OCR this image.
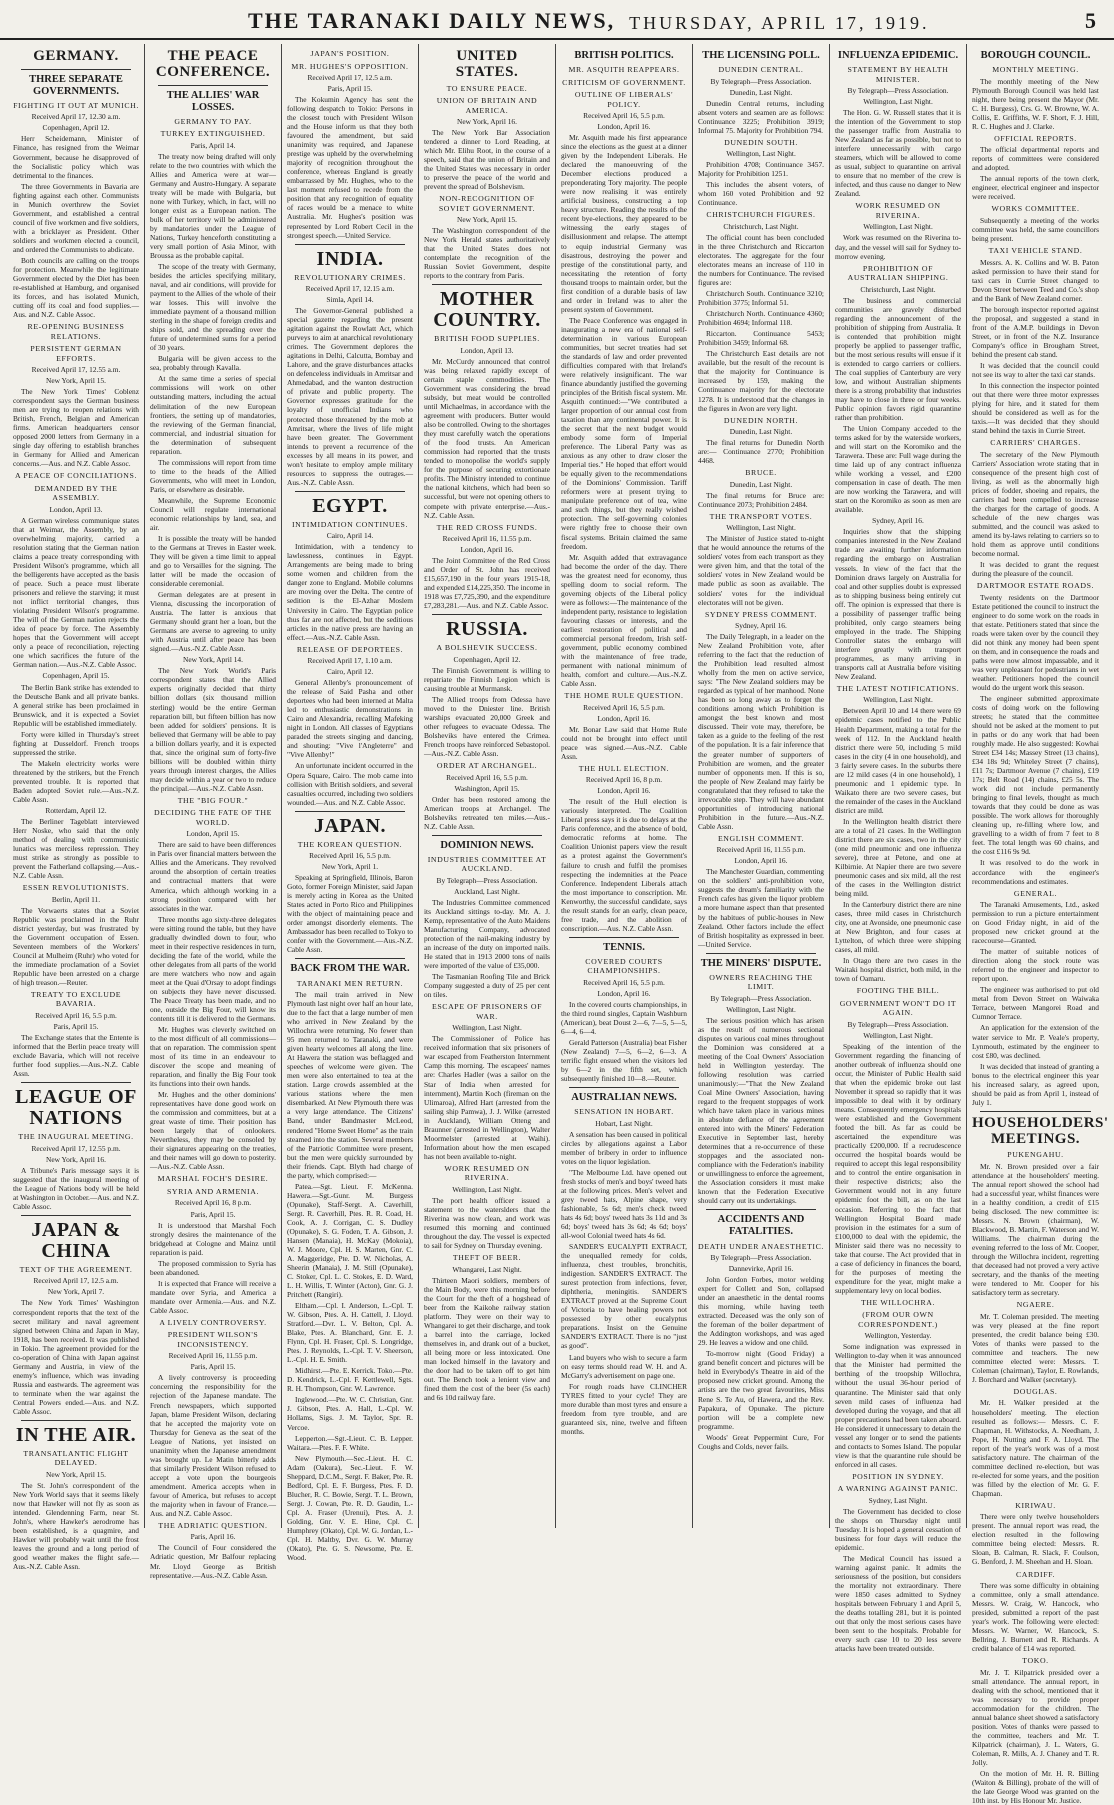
THE TARANAKI DAILY NEWS, THURSDAY, APRIL 17, 1919.	5
GERMANY.
THREE SEPARATE GOVERNMENTS.
FIGHTING IT OUT AT MUNICH.
Received April 17, 12.30 a.m.
Copenhagen, April 12.
Herr Scheidemann, Minister of Finance, has resigned from the Weimar Government, because he disapproved of the Socialistic policy which was detrimental to the finances.
The three Governments in Bavaria are fighting against each other. Communists in Munich overthrew the Soviet Government, and established a central council of five workmen and five soldiers, with a bricklayer as President. Other soldiers and workmen elected a council, and ordered the Communists to abdicate.
Both councils are calling on the troops for protection. Meanwhile the legitimate Government elected by the Diet has been re-established at Hamburg, and organised its forces, and has isolated Munich, cutting off its coal and food supplies.—Aus. and N.Z. Cable Assoc.
RE-OPENING BUSINESS RELATIONS.
PERSISTENT GERMAN EFFORTS.
Received April 17, 12.55 a.m.
New York, April 15.
The New York Times' Coblenz correspondent says the German business men are trying to reopen relations with British, French, Belgian and American firms. American headquarters censor opposed 2000 letters from Germany in a single day offering to establish branches in Germany for Allied and American concerns.—Aus. and N.Z. Cable Assoc.
A PEACE OF CONCILIATIONS.
DEMANDED BY THE ASSEMBLY.
London, April 13.
A German wireless communique states that at Weimar, the Assembly, by an overwhelming majority, carried a resolution stating that the German nation claims a peace treaty corresponding with President Wilson's programme, which all the belligerents have accepted as the basis of peace. Such a peace must liberate prisoners and relieve the starving; it must not inflict territorial changes, thus violating President Wilson's programme. The will of the German nation rejects the idea of peace by force. The Assembly hopes that the Government will accept only a peace of reconciliation, rejecting one which sacrifices the future of the German nation.—Aus.-N.Z. Cable Assoc.
Copenhagen, April 15.
The Berlin Bank strike has extended to the Deutsche Bank and all private banks. A general strike has been proclaimed in Brunswick, and it is expected a Soviet Republic will be established immediately.
Forty were killed in Thursday's street fighting at Dusseldorf. French troops suppressed the strike.
The Makeln electricity works were threatened by the strikers, but the French prevented trouble. It is reported that Baden adopted Soviet rule.—Aus.-N.Z. Cable Assn.
Rotterdam, April 12.
The Berliner Tageblatt interviewed Herr Noske, who said that the only method of dealing with communistic lunatics was merciless repression. They must strike as strongly as possible to prevent the Fatherland collapsing.—Aus.-N.Z. Cable Assn.
ESSEN REVOLUTIONISTS.
Berlin, April 11.
The Vorwaerts states that a Soviet Republic was proclaimed in the Ruhr district yesterday, but was frustrated by the Government occupation of Essen. Seventeen members of the Workers' Council at Mulheim (Ruhr) who voted for the immediate proclamation of a Soviet Republic have been arrested on a charge of high treason.—Reuter.
TREATY TO EXCLUDE BAVARIA.
Received April 16, 5.5 p.m.
Paris, April 15.
The Exchange states that the Entente is informed that the Berlin peace treaty will exclude Bavaria, which will not receive further food supplies.—Aus.-N.Z. Cable Assn.
LEAGUE OF NATIONS
THE INAUGURAL MEETING.
Received April 17, 12.55 p.m.
New York, April 16.
A Tribune's Paris message says it is suggested that the inaugural meeting of the League of Nations body will be held at Washington in October.—Aus. and N.Z. Cable Assoc.
JAPAN & CHINA
TEXT OF THE AGREEMENT.
Received April 17, 12.5 a.m.
New York, April 7.
The New York Times' Washington correspondent reports that the text of the secret military and naval agreement signed between China and Japan in May, 1918, has been received. It was published in Tokio. The agreement provided for the co-operation of China with Japan against Germany and Austria, in view of the enemy's influence, which was invading Russia and eastwards. The agreement was to terminate when the war against the Central Powers ended.—Aus. and N.Z. Cable Assoc.
IN THE AIR.
TRANSATLANTIC FLIGHT DELAYED.
New York, April 15.
The St. John's correspondent of the New York World says that it seems likely now that Hawker will not fly as soon as intended. Glendenning Farm, near St. John's, where Hawker's aerodrome has been established, is a quagmire, and Hawker will probably wait until the frost leaves the ground and a long period of good weather makes the flight safe.—Aus.-N.Z. Cable Assn.
THE PEACE CONFERENCE.
THE ALLIES' WAR LOSSES.
GERMANY TO PAY.
TURKEY EXTINGUISHED.
Paris, April 14.
The treaty now being drafted will only relate to the two countries with which the Allies and America were at war—Germany and Austro-Hungary. A separate treaty will be made with Bulgaria, but none with Turkey, which, in fact, will no longer exist as a European nation. The bulk of her territory will be administered by mandatories under the League of Nations, Turkey henceforth constituting a very small portion of Asia Minor, with Broussa as the probable capital.
The scope of the treaty with Germany, besides the articles specifying military, naval, and air conditions, will provide for payment to the Allies of the whole of their war losses. This will involve the immediate payment of a thousand million sterling in the shape of foreign credits and ships sold, and the spreading over the future of undetermined sums for a period of 30 years.
Bulgaria will be given access to the sea, probably through Kavalla.
At the same time a series of special commissions will work on other outstanding matters, including the actual delimitation of the new European frontiers, the setting up of mandatories, the reviewing of the German financial, commercial, and industrial situation for the determination of subsequent reparation.
The commissions will report from time to time to the heads of the Allied Governments, who will meet in London, Paris, or elsewhere as desirable.
Meanwhile, the Supreme Economic Council will regulate international economic relationships by land, sea, and air.
It is possible the treaty will be handed to the Germans at Treves in Easter week. They will be given a time limit to appeal and go to Versailles for the signing. The latter will be made the occasion of considerable ceremonial.
German delegates are at present in Vienna, discussing the incorporation of Austria. The latter is anxious that Germany should grant her a loan, but the Germans are averse to agreeing to unity with Austria until after peace has been signed.—Aus.-N.Z. Cable Assn.
New York, April 14.
The New York World's Paris correspondent states that the Allied experts originally decided that thirty billion dollars (six thousand million sterling) would be the entire German reparation bill, but fifteen billion has now been added for soldiers' pensions. It is believed that Germany will be able to pay a billion dollars yearly, and it is expected that, since the original sum of forty-five billions will be doubled within thirty years through interest charges, the Allies may decide within a year or two to reduce the principal.—Aus.-N.Z. Cable Assn.
THE "BIG FOUR."
DECIDING THE FATE OF THE WORLD.
London, April 15.
There are said to have been differences in Paris over financial matters between the Allies and the Americans. They revolved around the absorption of certain treaties and contractual matters that were America, which although working in a strong position compared with her associates in the war.
Three months ago sixty-three delegates were sitting round the table, but they have gradually dwindled down to four, who meet in their respective residences in turn, deciding the fate of the world, while the other delegates from all parts of the world are mere watchers who now and again meet at the Quai d'Orsay to adopt findings on subjects they have never discussed. The Peace Treaty has been made, and no one, outside the Big Four, will know its contents till it is delivered to the Germans.
Mr. Hughes was cleverly switched on to the most difficult of all commissions—that on reparation. The commission spent most of its time in an endeavour to discover the scope and meaning of reparation, and finally the Big Four took its functions into their own hands.
Mr. Hughes and the other dominions' representatives have done good work on the commission and committees, but at a great waste of time. Their position has been largely that of onlookers. Nevertheless, they may be consoled by their signatures appearing on the treaties, and their names will go down to posterity.—Aus.-N.Z. Cable Assn.
MARSHAL FOCH'S DESIRE.
SYRIA AND ARMENIA.
Received April 16, 8 p.m.
Paris, April 15.
It is understood that Marshal Foch strongly desires the maintenance of the bridgehead at Cologne and Mainz until reparation is paid.
The proposed commission to Syria has been abandoned.
It is expected that France will receive a mandate over Syria, and America a mandate over Armenia.—Aus. and N.Z. Cable Assoc.
A LIVELY CONTROVERSY.
PRESIDENT WILSON'S INCONSISTENCY.
Received April 16, 11.55 p.m.
Paris, April 15.
A lively controversy is proceeding concerning the responsibility for the rejection of the Japanese mandate. The French newspapers, which supported Japan, blame President Wilson, declaring that he accepted the majority vote on Thursday for Geneva as the seat of the League of Nations, yet insisted on unanimity when the Japanese amendment was brought up. Le Matin bitterly adds that similarly President Wilson refused to accept a vote upon the bourgeois amendment. America accepts when in favour of America, but refuses to accept the majority when in favour of France.—Aus. and N.Z. Cable Assoc.
THE ADRIATIC QUESTION.
Paris, April 16.
The Council of Four considered the Adriatic question, Mr Balfour replacing Mr. Lloyd George as British representative.—Aus.-N.Z. Cable Assn.
JAPAN'S POSITION.
MR. HUGHES'S OPPOSITION.
Received April 17, 12.5 a.m.
Paris, April 15.
The Kokumin Agency has sent the following despatch to Tokio: Persons in the closest touch with President Wilson and the House inform us that they both favoured the amendment, but said unanimity was required, and Japanese prestige was upheld by the overwhelming majority of recognition throughout the conference, whereas England is greatly embarrassed by Mr. Hughes, who to the last moment refused to recede from the position that any recognition of equality of races would be a menace to white Australia. Mr. Hughes's position was represented by Lord Robert Cecil in the strongest speech.—United Service.
INDIA.
REVOLUTIONARY CRIMES.
Received April 17, 12.15 a.m.
Simla, April 14.
The Governor-General published a special gazette regarding the present agitation against the Rowlatt Act, which purveys to aim at anarchical revolutionary crimes. The Government deplores the agitations in Delhi, Calcutta, Bombay and Lahore, and the grave disturbances attacks on defenceless individuals in Amritsar and Ahmedabad, and the wanton destruction of private and public property. The Governor expresses gratitude for the loyalty of unofficial Indians who protected those threatened by the mob at Amritsar, where the lives of life might have been greater. The Government intends to prevent a recurrence of the excesses by all means in its power, and won't hesitate to employ ample military resources to suppress the outrages.—Aus.-N.Z. Cable Assn.
EGYPT.
INTIMIDATION CONTINUES.
Cairo, April 14.
Intimidation, with a tendency to lawlessness, continues in Egypt. Arrangements are being made to bring some women and children from the danger zone to England. Mobile columns are moving over the Delta. The centre of sedition is the El-Azhar Moslem University in Cairo. The Egyptian police thus far are not affected, but the seditious articles in the native press are having an effect.—Aus.-N.Z. Cable Assn.
RELEASE OF DEPORTEES.
Received April 17, 1.10 a.m.
Cairo, April 12.
General Allenby's pronouncement of the release of Said Pasha and other deportees who had been interned at Malta led to enthusiastic demonstrations in Cairo and Alexandria, recalling Mafeking night in London. All classes of Egyptians paraded the streets singing and dancing, and shouting: "Vive l'Angleterre" and "Vive Allenby!"
An unfortunate incident occurred in the Opera Square, Cairo. The mob came into collision with British soldiers, and several casualties occurred, including two soldiers wounded.—Aus. and N.Z. Cable Assoc.
JAPAN.
THE KOREAN QUESTION.
Received April 16, 5.5 p.m.
New York, April 1.
Speaking at Springfield, Illinois, Baron Goto, former Foreign Minister, said Japan is merely acting in Korea as the United States acted in Porto Rico and Philippines with the object of maintaining peace and order amongst disorderly elements. The Ambassador has been recalled to Tokyo to confer with the Government.—Aus.-N.Z. Cable Assn.
BACK FROM THE WAR.
TARANAKI MEN RETURN.
The mail train arrived in New Plymouth last night over half an hour late, due to the fact that a large number of men who arrived in New Zealand by the Willochra were returning. No fewer than 95 men returned to Taranaki, and were given hearty welcomes all along the line. At Hawera the station was beflagged and speeches of welcome were given. The men were also entertained to tea at the station. Large crowds assembled at the various stations where the men disembarked. At New Plymouth there was a very large attendance. The Citizens' Band, under Bandmaster McLeod, rendered "Home Sweet Home" as the train steamed into the station. Several members of the Patriotic Committee were present, but the men were quickly surrounded by their friends. Capt. Blyth had charge of the party, which comprised:—
Patea.—Sgt. Lieut. F. McKenna. Hawera.—Sgt.-Gunr. M. Burgess (Opunake), Staff-Sergt. A. Caverhill, Sergt. R. Caverhill, Ptes. R. R. Coad, H. Cook, A. J. Corrigan, C. S. Dudley (Opunake), S. G. Foden, T. A. Gibson, J. Hansen (Manaia), H. McKay (Mokoia), W. J. Moore, Cpl. H. S. Marten, Gnr. C. A. Maggeridge, Pte. D. W. Nicholas, A. Sheerin (Manaia), J. M. Still (Opunake), C. Stoker, Cpl. L. C. Stokes, E. D. Ward, L. H. Willis, T. Winter (Acton), Gnr. G. J. Pritchett (Rangiri).
Eltham.—Cpl. I. Anderson, L.-Cpl. T. W. Gibson, Ptes. A. H. Cattell, J. Lloyd. Stratford.—Dvr. L. V. Belton, Cpl. A. Blake, Ptes. A. Blanchard, Gnr. E. J. Flynn, Cpl. H. Fraser, Cpl. S. Longridge, Ptes. J. Reynolds, L.-Cpl. T. V. Sheerson, L.-Cpl. H. E. Smith.
Midhirst.—Pte. E. Kerrick. Toko.—Pte. D. Kendrick, L.-Cpl. F. Kettlewell, Sgts. R. H. Thompson, Gnr. W. Lawrence.
Inglewood.—Pte. W. C. Christian, Gnr. J. Gibson, Ptes. A. Hall, L.-Cpl. W. Hollams, Sigs. J. M. Taylor, Spr. R. Vercoe.
Lepperton.—Sgt.-Lieut. C. B. Lepper. Waitara.—Ptes. F. F. White.
New Plymouth.—Sec.-Lieut. H. C. Adam (Oakura), Sec.-Lieut. F. W. Sheppard, D.C.M., Sergt. F. Baker, Pte. R. Bedford, Cpl. E. F. Burgess, Ptes. F. D. Blucher, R. C. Bowie, Sergt. T. L. Brown, Sergt. J. Cowan, Pte. R. D. Gaudin, L.-Cpl. A. Fraser (Urenui), Ptes. A. J. Golding, Gnr. V. E. Hine, Cpl. C. Humphrey (Okato), Cpl. W. G. Jordan, L.-Cpl. H. Maltby, Dvr. G. W. Murray (Okato), Pte. G. S. Newsome, Pte. E. Wood.
UNITED STATES.
TO ENSURE PEACE.
UNION OF BRITAIN AND AMERICA.
New York, April 16.
The New York Bar Association tendered a dinner to Lord Reading, at which Mr. Elihu Root, in the course of a speech, said that the union of Britain and the United States was necessary in order to preserve the peace of the world and prevent the spread of Bolshevism.
NON-RECOGNITION OF SOVIET GOVERNMENT.
New York, April 15.
The Washington correspondent of the New York Herald states authoritatively that the United States does not contemplate the recognition of the Russian Soviet Government, despite reports to the contrary from Paris.
MOTHER COUNTRY.
BRITISH FOOD SUPPLIES.
London, April 13.
Mr. McCurdy announced that control was being relaxed rapidly except of certain staple commodities. The Government was considering the bread subsidy, but meat would be controlled until Michaelmas, in accordance with the agreement with producers. Butter would also be controlled. Owing to the shortages they must carefully watch the operations of the food trusts. An American commission had reported that the trusts tended to monopolise the world's supply for the purpose of securing extortionate profits. The Ministry intended to continue the national kitchens, which had been so successful, but were not opening others to compete with private enterprise.—Aus.-N.Z. Cable Assn.
THE RED CROSS FUNDS.
Received April 16, 11.55 p.m.
London, April 16.
The Joint Committee of the Red Cross and Order of St. John has received £15,657,190 in the four years 1915-18, and expended £14,225,350. The income in 1918 was £7,725,390, and the expenditure £7,283,281.—Aus. and N.Z. Cable Assoc.
RUSSIA.
A BOLSHEVIK SUCCESS.
Copenhagen, April 12.
The Finnish Government is willing to repatriate the Finnish Legion which is causing trouble at Murmansk.
The Allied troops from Odessa have moved to the Dniester line. British warships evacuated 20,000 Greek and other refugees to evacuate Odessa. The Bolsheviks have entered the Crimea. French troops have reinforced Sebastopol.—Aus.-N.Z. Cable Assn.
ORDER AT ARCHANGEL.
Received April 16, 5.5 p.m.
Washington, April 15.
Order has been restored among the American troops at Archangel. The Bolsheviks retreated ten miles.—Aus.-N.Z. Cable Assn.
DOMINION NEWS.
INDUSTRIES COMMITTEE AT AUCKLAND.
By Telegraph—Press Association.
Auckland, Last Night.
The Industries Committee commenced its Auckland sittings to-day. Mr. A. J. Kemp, representative of the Auto Maidens Manufacturing Company, advocated protection of the nail-making industry by an increase of the duty on imported nails. He stated that in 1913 2000 tons of nails were imported of the value of £35,000.
The Tasmanian Roofing Tile and Brick Company suggested a duty of 25 per cent on tiles.
ESCAPE OF PRISONERS OF WAR.
Wellington, Last Night.
The Commissioner of Police has received information that six prisoners of war escaped from Featherston Internment Camp this morning. The escapees' names are: Charles Hadler (was a sailor on the Star of India when arrested for internment), Martin Koch (fireman on the Ulimaroa), Alfred Hart (arrested from the sailing ship Pamwa), J. J. Wilke (arrested in Auckland), William Otteng and Braunner (arrested in Wellington), Walter Moormelster (arrested at Waihi). Information about how the men escaped has not been available to-night.
WORK RESUMED ON RIVERINA.
Wellington, Last Night.
The port health officer issued a statement to the waterslders that the Riverina was now clean, and work was resumed this morning and continued throughout the day. The vessel is expected to sail for Sydney on Thursday evening.
THEFT OF BEER.
Whangarei, Last Night.
Thirteen Maori soldiers, members of the Main Body, were this morning before the Court for the theft of a hogshead of beer from the Kaikohe railway station platform. They were on their way to Whangarei to get their discharge, and took a barrel into the carriage, locked themselves in, and drank out of a bucket, all being more or less intoxicated. One man locked himself in the lavatory and the door had to be taken off to get him out. The Bench took a lenient view and fined them the cost of the beer (5s each) and 6s 10d railway fare.
BRITISH POLITICS.
MR. ASQUITH REAPPEARS.
CRITICISM OF GOVERNMENT.
OUTLINE OF LIBERALS' POLICY.
Received April 16, 5.5 p.m.
London, April 16.
Mr. Asquith made his first appearance since the elections as the guest at a dinner given by the Independent Liberals. He declared the manoeuvring of the December elections produced a preponderating Tory majority. The people were now realising it was entirely artificial business, constructing a top heavy structure. Reading the results of the recent bye-elections, they appeared to be witnessing the early stages of disillusionment and relapse. The attempt to equip industrial Germany was disastrous, destroying the power and prestige of the constitutional party, and necessitating the retention of forty thousand troops to maintain order, but the first condition of a durable basis of law and order in Ireland was to alter the present system of Government.
The Peace Conference was engaged in inaugurating a new era of national self-determination in various European communities, but secret treaties had set the standards of law and order prevented difficulties compared with that Ireland's were relatively insignificant. The war finance abundantly justified the governing principles of the British fiscal system. Mr. Asquith continued:—"We contributed a larger proportion of our annual cost from taxation than any continental power. It is the secret that the next budget would embody some form of Imperial preference. The Liberal Party was as anxious as any other to draw closer the Imperial ties." He hoped that effort would be equally given to the recommendations of the Dominions' Commission. Tariff reformers were at present trying to manipulate preference out of tea, wine and such things, but they really wished protection. The self-governing colonies were rightly free to choose their own fiscal systems. Britain claimed the same freedom.
Mr. Asquith added that extravagance had become the order of the day. There was the greatest need for economy, thus spelling doom to social reform. The governing objects of the Liberal policy were as follows:—The maintenance of the independent party, resistance to legislation favouring classes or interests, and the earliest restoration of political and commercial personal freedom, Irish self-government, public economy combined with the maintenance of free trade, permanent with national minimum of health, comfort and culture.—Aus.-N.Z. Cable Assn.
THE HOME RULE QUESTION.
Received April 16, 5.5 p.m.
London, April 16.
Mr. Bonar Law said that Home Rule could not be brought into effect until peace was signed.—Aus.-N.Z. Cable Assn.
THE HULL ELECTION.
Received April 16, 8 p.m.
London, April 16.
The result of the Hull election is variously interpreted. The Coalition Liberal press says it is due to delays at the Paris conference, and the absence of bold, democratic reforms at home. The Coalition Unionist papers view the result as a protest against the Government's failure to crush and fulfil the promises respecting the indemnities at the Peace Conference. Independent Liberals attach the most importance to conscription. Mr. Kenworthy, the successful candidate, says the result stands for an early, clean peace, free trade, and the abolition of conscription.—Aus. N.Z. Cable Assn.
TENNIS.
COVERED COURTS CHAMPIONSHIPS.
Received April 16, 5.5 p.m.
London, April 16.
In the covered courts championships, in the third round singles, Captain Washburn (American), beat Doust 2—6, 7—5, 5—5, 6—4, 6—4.
Gerald Patterson (Australia) beat Fisher (New Zealand) 7—5, 6—2, 6—3. A terrific fight ensued when the visitors led by 6—2 in the fifth set, which subsequently finished 10—8.—Reuter.
AUSTRALIAN NEWS.
SENSATION IN HOBART.
Hobart, Last Night.
A sensation has been caused in political circles by allegations against a Labor member of bribery in order to influence votes on the liquor legislation.
"The Melbourne Ltd. have opened out fresh stocks of men's and boys' tweed hats at the following prices. Men's velvet and grey tweed hats, Alpine shape, very fashionable, 5s 6d; men's check tweed hats 4s 6d; boys' tweed hats 3s 11d and 3s 6d; boys' tweed hats 3s 6d; 4s 6d; boys' all-wool Colonial tweed hats 4s 6d.
SANDER'S EUCALYPTI EXTRACT, the unequalled remedy for colds, influenza, chest troubles, bronchitis, indigestion. SANDER'S EXTRACT. The surest protection from infections, fever, diphtheria, meningitis. SANDER'S EXTRACT proved at the Supreme Court of Victoria to have healing powers not possessed by other eucalyptus preparations. Insist on the Genuine SANDER'S EXTRACT. There is no "just as good".
Land buyers who wish to secure a farm on easy terms should read W. H. and A. McGarry's advertisement on page one.
For rough roads have CLINCHER TYRES fitted to your cycle! They are more durable than most tyres and ensure a freedom from tyre trouble, and are guaranteed six, nine, twelve and fifteen months.
THE LICENSING POLL.
DUNEDIN CENTRAL.
By Telegraph—Press Association.
Dunedin, Last Night.
Dunedin Central returns, including absent voters and seamen are as follows: Continuance 3225; Prohibition 3919; Informal 75. Majority for Prohibition 794.
DUNEDIN SOUTH.
Wellington, Last Night.
Prohibition 4708; Continuance 3457. Majority for Prohibition 1251.
This includes the absent voters, of whom 160 voted Prohibition and 92 Continuance.
CHRISTCHURCH FIGURES.
Christchurch, Last Night.
The official count has been concluded in the three Christchurch and Riccarton electorates. The aggregate for the four electorates means an increase of 110 in the numbers for Continuance. The revised figures are:
Christchurch South. Continuance 3210; Prohibition 3775; Informal 51.
Christchurch North. Continuance 4360; Prohibition 4694; Informal 118.
Riccarton. Continuance 5453; Prohibition 3459; Informal 68.
The Christchurch East details are not available, but the result of the recount is that the majority for Continuance is increased by 159, making the Continuance majority for the electorate 1278. It is understood that the changes in the figures in Avon are very light.
DUNEDIN NORTH.
Dunedin, Last Night.
The final returns for Dunedin North are:— Continuance 2770; Prohibition 4468.
BRUCE.
Dunedin, Last Night.
The final returns for Bruce are: Continuance 2073; Prohibition 2484.
THE TRANSPORT VOTES.
Wellington, Last Night.
The Minister of Justice stated to-night that he would announce the returns of the soldiers' votes from each transport as they were given him, and that the total of the soldiers' votes in New Zealand would be made public as soon as available. The soldiers' votes for the individual electorates will not be given.
SYDNEY PRESS COMMENT.
Sydney, April 16.
The Daily Telegraph, in a leader on the New Zealand Prohibition vote, after referring to the fact that the reduction of the Prohibition lead resulted almost wholly from the men on active service, says: "The New Zealand soldiers may be regarded as typical of her manhood. None has been so long away as to forget the conditions among which Prohibition is amongst the best known and most discussed. Their vote may, therefore, be taken as a guide to the feeling of the rest of the population. It is a fair inference that the greater number of supporters of Prohibition are women, and the greater number of opponents men. If this is so, the people of New Zealand may fairly be congratulated that they refused to take the irrevocable step. They will have abundant opportunities of introducing national Prohibition in the future.—Aus.-N.Z. Cable Assn.
ENGLISH COMMENT.
Received April 16, 11.55 p.m.
London, April 16.
The Manchester Guardian, commenting on the soldiers' anti-prohibition vote, suggests the dream's familiarity with the French cafes has given the liquor problem a more humane aspect than that presented by the habitues of public-houses in New Zealand. Other factors include the effect of British hospitality as expressed in beer.—United Service.
THE MINERS' DISPUTE.
OWNERS REACHING THE LIMIT.
By Telegraph—Press Association.
Wellington, Last Night.
The serious position which has arisen as the result of numerous sectional disputes on various coal mines throughout the Dominion was considered at a meeting of the Coal Owners' Association held in Wellington yesterday. The following resolution was carried unanimously:—"That the New Zealand Coal Mine Owners' Association, having regard to the frequent stoppages of work which have taken place in various mines in absolute defiance of the agreement entered into with the Miners' Federation Executive in September last, hereby determines that a re-occurrence of these stoppages and the associated non-compliance with the Federation's inability or unwillingness to enforce the agreement, the Association considers it must make known that the Federation Executive should carry out its undertakings.
ACCIDENTS AND FATALITIES.
DEATH UNDER ANAESTHETIC.
By Telegraph—Press Association.
Dannevirke, April 16.
John Gordon Forbes, motor welding expert for Collett and Son, collapsed under an anaesthetic in the dental rooms this morning, while having teeth extracted. Deceased was the only son of the foreman of the boiler department of the Addington workshops, and was aged 29. He leaves a widow and one child.
To-morrow night (Good Friday) a grand benefit concert and pictures will be held in Everybody's Theatre in aid of the proposed new cricket ground. Among the artists are the two great favourites, Miss Rene S. Te Au, of Hawera, and the Rev. Papakura, of Opunake. The picture portion will be a complete new programme.
Woods' Great Peppermint Cure, For Coughs and Colds, never fails.
INFLUENZA EPIDEMIC.
STATEMENT BY HEALTH MINISTER.
By Telegraph—Press Association.
Wellington, Last Night.
The Hon. G. W. Russell states that it is the intention of the Government to stop the passenger traffic from Australia to New Zealand as far as possible, but not to interfere unnecessarily with cargo steamers, which will be allowed to come as usual, subject to quarantine on arrival to ensure that no member of the crew is infected, and thus cause no danger to New Zealand.
WORK RESUMED ON RIVERINA.
Wellington, Last Night.
Work was resumed on the Riverina to-day, and the vessel will sail for Sydney to-morrow evening.
PROHIBITION OF AUSTRALIAN SHIPPING.
Christchurch, Last Night.
The business and commercial communities are gravely disturbed regarding the announcement of the prohibition of shipping from Australia. It is contended that prohibition might properly be applied to passenger traffic, but the most serious results will ensue if it is extended to cargo carriers or colliers. The coal supplies of Canterbury are very low, and without Australian shipments there is a strong probability that industries may have to close in three or four weeks. Public opinion favors rigid quarantine rather than prohibition.
The Union Company acceded to the terms asked for by the waterside workers, and will start on the Koromiko and the Tarawera. These are: Full wage during the time laid up of any contract influenza while working a vessel, and £200 compensation in case of death. The men are now working the Tarawera, and will start on the Koromiko as soon as men are available.
Sydney, April 16.
Inquiries show that the shipping companies interested in the New Zealand trade are awaiting further information regarding the embargo on Australian vessels. In view of the fact that the Dominion draws largely on Australia for coal and other supplies doubt is expressed as to shipping business being entirely cut off. The opinion is expressed that there is a possibility of passenger traffic being prohibited, only cargo steamers being employed in the trade. The Shipping Controller states the embargo will interfere greatly with transport programmes, as many arriving in transports call at Australia before visiting New Zealand.
THE LATEST NOTIFICATIONS.
Wellington, Last Night.
Between April 10 and 14 there were 69 epidemic cases notified to the Public Health Department, making a total for the week of 112. In the Auckland health district there were 50, including 5 mild cases in the city (4 in one household), and 3 fairly severe cases. In the suburbs there are 12 mild cases (4 in one household), 1 pneumonic and 1 epidemic type. In Waikato there are two severe cases, but the remainder of the cases in the Auckland district are mild.
In the Wellington health district there are a total of 21 cases. In the Wellington district there are six cases, two in the city (one mild pneumonic and one influenza severe), three at Petone, and one at Kilbirnie. At Napier there are two severe pneumonic cases and six mild, all the rest of the cases in the Wellington district being mild.
In the Canterbury district there are nine cases, three mild cases in Christchurch city, one at Avonside, one pneumonic case at New Brighton, and four cases at Lyttelton, of which three were shipping cases, all mild.
In Otago there are two cases in the Waitaki hospital district, both mild, in the town of Oamaru.
FOOTING THE BILL.
GOVERNMENT WON'T DO IT AGAIN.
By Telegraph—Press Association.
Wellington, Last Night.
Speaking of the intention of the Government regarding the financing of another outbreak of influenza should one occur, the Minister of Public Health said that when the epidemic broke out last November it spread so rapidly that it was impossible to deal with it by ordinary means. Consequently emergency hospitals were established and the Government footed the bill. As far as could be ascertained the expenditure was practically £200,000. If a recrudescence occurred the hospital boards would be required to accept this legal responsibility and to control the entire organisation in their respective districts; also the Government would not in any future epidemic foot the bill, as on the last occasion. Referring to the fact that Wellington Hospital Board made provision in the estimates for a sum of £100,000 to deal with the epidemic, the Minister said there was no necessity to take that course. The Act provided that in a case of deficiency in finances the board, for the purposes of meeting the expenditure for the year, might make a supplementary levy on local bodies.
THE WILLOCHRA.
(FROM OUR OWN CORRESPONDENT.)
Wellington, Yesterday.
Some indignation was expressed in Wellington to-day when it was announced that the Minister had permitted the berthing of the troopship Willochra, without the usual 36-hour period of quarantine. The Minister said that only seven mild cases of influenza had developed during the voyage, and that all proper precautions had been taken aboard. He considered it unnecessary to detain the vessel any longer or to send the patients and contacts to Somes Island. The popular view is that the quarantine rule should be enforced in all cases.
POSITION IN SYDNEY.
A WARNING AGAINST PANIC.
Sydney, Last Night.
The Government has decided to close the shops on Thursday night until Tuesday. It is hoped a general cessation of business for four days will reduce the epidemic.
The Medical Council has issued a warning against panic. It admits the seriousness of the position, but considers the mortality not extraordinary. There were 1850 cases admitted to Sydney hospitals between February 1 and April 5, the deaths totalling 281, but it is pointed out that only the most serious cases have been sent to the hospitals. Probable for every such case 10 to 20 less severe attacks have been treated outside.
BOROUGH COUNCIL.
MONTHLY MEETING.
The monthly meeting of the New Plymouth Borough Council was held last night, there being present the Mayor (Mr. C. H. Burgess), Crs. G. W. Browne, W. A. Collis, E. Griffiths, W. F. Short, F. J. Hill, R. C. Hughes and J. Clarke.
OFFICIAL REPORTS.
The official departmental reports and reports of committees were considered and adopted.
The annual reports of the town clerk, engineer, electrical engineer and inspector were received.
WORKS COMMITTEE.
Subsequently a meeting of the works committee was held, the same councillors being present.
TAXI VEHICLE STAND.
Messrs. A. K. Collins and W. B. Paton asked permission to have their stand for taxi cars in Currie Street changed to Devon Street between Teed and Co.'s shop and the Bank of New Zealand corner.
The borough inspector reported against the proposal, and suggested a stand in front of the A.M.P. buildings in Devon Street, or in front of the N.Z. Insurance Company's office in Brougham Street, behind the present cab stand.
It was decided that the council could not see its way to alter the taxi car stands.
In this connection the inspector pointed out that there were three motor expresses plying for hire, and it stated for them should be considered as well as for the taxis.—It was decided that they should stand behind the taxis in Currie Street.
CARRIERS' CHARGES.
The secretary of the New Plymouth Carriers' Association wrote stating that in consequence of the present high cost of living, as well as the abnormally high prices of fodder, shoeing and repairs, the carriers had been compelled to increase the charges for the cartage of goods. A schedule of the new charges was submitted, and the council was asked to amend its by-laws relating to carriers so to hold them as approve until conditions become normal.
It was decided to grant the request during the pleasure of the council.
DARTMOOR ESTATE ROADS.
Twenty residents on the Dartmoor Estate petitioned the council to instruct the engineer to do some work on the roads in that estate. Petitioners stated that since the roads were taken over by the council they did not think any money had been spent on them, and in consequence the roads and paths were now almost impassable, and it was very unpleasant for pedestrians in wet weather. Petitioners hoped the council would do the urgent work this season.
The engineer submitted approximate costs of doing work on the following streets; he stated that the committee should not be asked at the moment to put in paths or do any work that had been roughly made. He also suggested: Kowhai Street £34 14s; Massey Street (13 chains), £34 18s 9d; Whiteley Street (7 chains), £11 7s; Dartmoor Avenue (7 chains), £19 17s; Belt Road (14) chains, £25 5s. The work did not include permanently bringing to final levels, thought as much towards that they could be done as was possible. The work allows for thoroughly cleaning up, re-filling where low, and gravelling to a width of from 7 feet to 8 feet. The total length was 60 chains, and the cost £116 9s 9d.
It was resolved to do the work in accordance with the engineer's recommendations and estimates.
GENERAL.
The Taranaki Amusements, Ltd., asked permission to run a picture entertainment on Good Friday night, in aid of the proposed new cricket ground at the racecourse—Granted.
The matter of suitable notices of direction along the stock route was referred to the engineer and inspector to report upon.
The engineer was authorised to put old metal from Devon Street on Waiwaka Terrace, between Mangorei Road and Cumnor Terrace.
An application for the extension of the water service to Mr. P. Veale's property, Lynmouth, estimated by the engineer to cost £80, was declined.
It was decided that instead of granting a bonus to the electrical engineer this year his increased salary, as agreed upon, should be paid as from April 1, instead of July 1.
HOUSEHOLDERS' MEETINGS.
PUKENGAHU.
Mr. N. Brown presided over a fair attendance at the householders' meeting. The annual report showed the school had had a successful year, whilst finances were in a healthy condition, a credit of £15 being disclosed. The new committee is: Messrs. N. Brown (chairman), W. Blackwood, B. Martin, F. Waterson and W. Williams. The chairman during the evening referred to the loss of Mr. Cooper, through the Willochra incident, regretting that deceased had not proved a very active secretary, and the thanks of the meeting were tendered to Mr. Cooper for his satisfactory term as secretary.
NGAERE.
Mr. T. Coleman presided. The meeting was very pleased at the fine report presented, the credit balance being £30. Votes of thanks were passed to the committee and teachers. The new committee elected were: Messrs. T. Coleman (chairman), Taylor, E. Rowlands, J. Borchard and Walker (secretary).
DOUGLAS.
Mr. H. Walker presided at the householders' meeting. The election resulted as follows:— Messrs. C. F. Chapman, H. Withstocks, A. Needham, J. Pope, H. Nutting and F. A. Lloyd. The report of the year's work was of a most satisfactory nature. The chairman of the committee declined re-election, but was re-elected for some years, and the position was filled by the election of Mr. G. F. Chapman.
KIRIWAU.
There were only twelve householders present. The annual report was read, the election resulted in the following committee being elected: Messrs. R. Sloan, B. Calman, R. Slack, F. Coulson, G. Benford, J. M. Sheehan and H. Sloan.
CARDIFF.
There was some difficulty in obtaining a committee, only a small attendance. Messrs. W. Craig, W. Hancock, who presided, submitted a report of the past year's work. The following were elected: Messrs. W. Warner, W. Hancock, S. Bellring, J. Burnett and R. Richards. A credit balance of £14 was reported.
TOKO.
Mr. J. T. Kilpatrick presided over a small attendance. The annual report, in dealing with the school, mentioned that it was necessary to provide proper accommodation for the children. The annual balance sheet showed a satisfactory position. Votes of thanks were passed to the committee, teachers and Mr. T. Kilpatrick (chairman), J. L. Waters, G. Coleman, R. Mills, A. J. Chaney and T. R. Jolly.
On the motion of Mr. H. R. Billing (Waiton & Billing), probate of the will of the late George Wood was granted on the 10th inst. by His Honour Mr. Justice.
